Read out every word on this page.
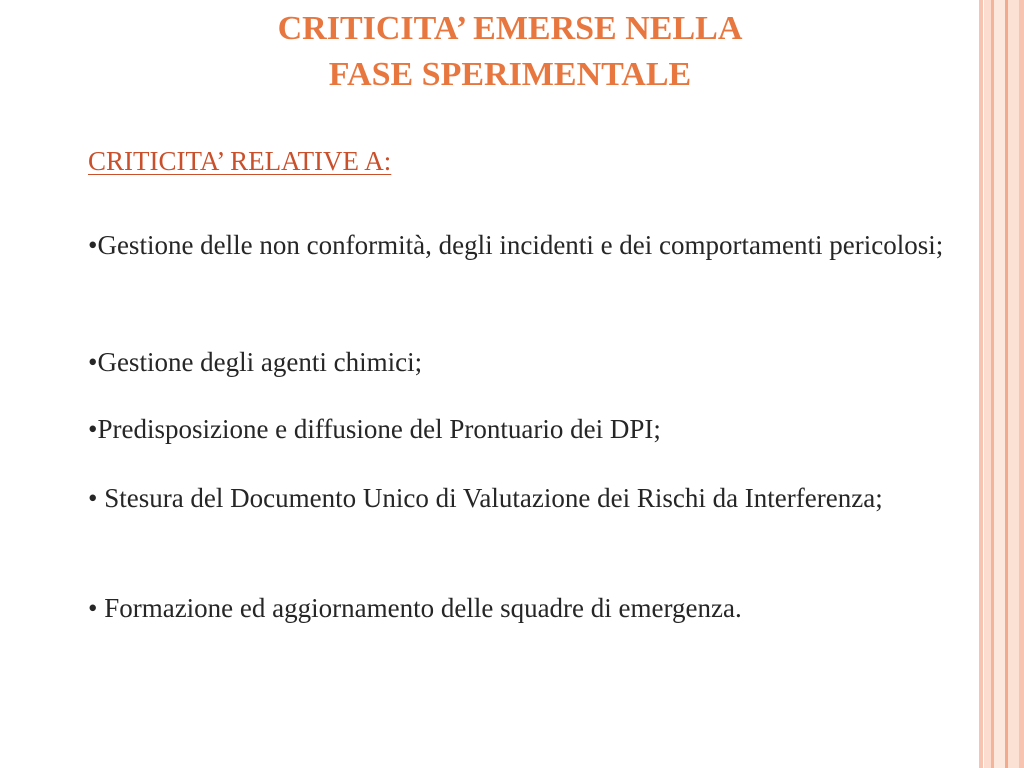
CRITICITA’ EMERSE NELLA
FASE SPERIMENTALE

CRITICITA’ RELATIVE A:

•Gestione delle non conformità, degli incidenti e dei comportamenti pericolosi;

•Gestione degli agenti chimici;

•Predisposizione e diffusione del Prontuario dei DPI;

• Stesura del Documento Unico di Valutazione dei Rischi da Interferenza;

• Formazione ed aggiornamento delle squadre di emergenza.
